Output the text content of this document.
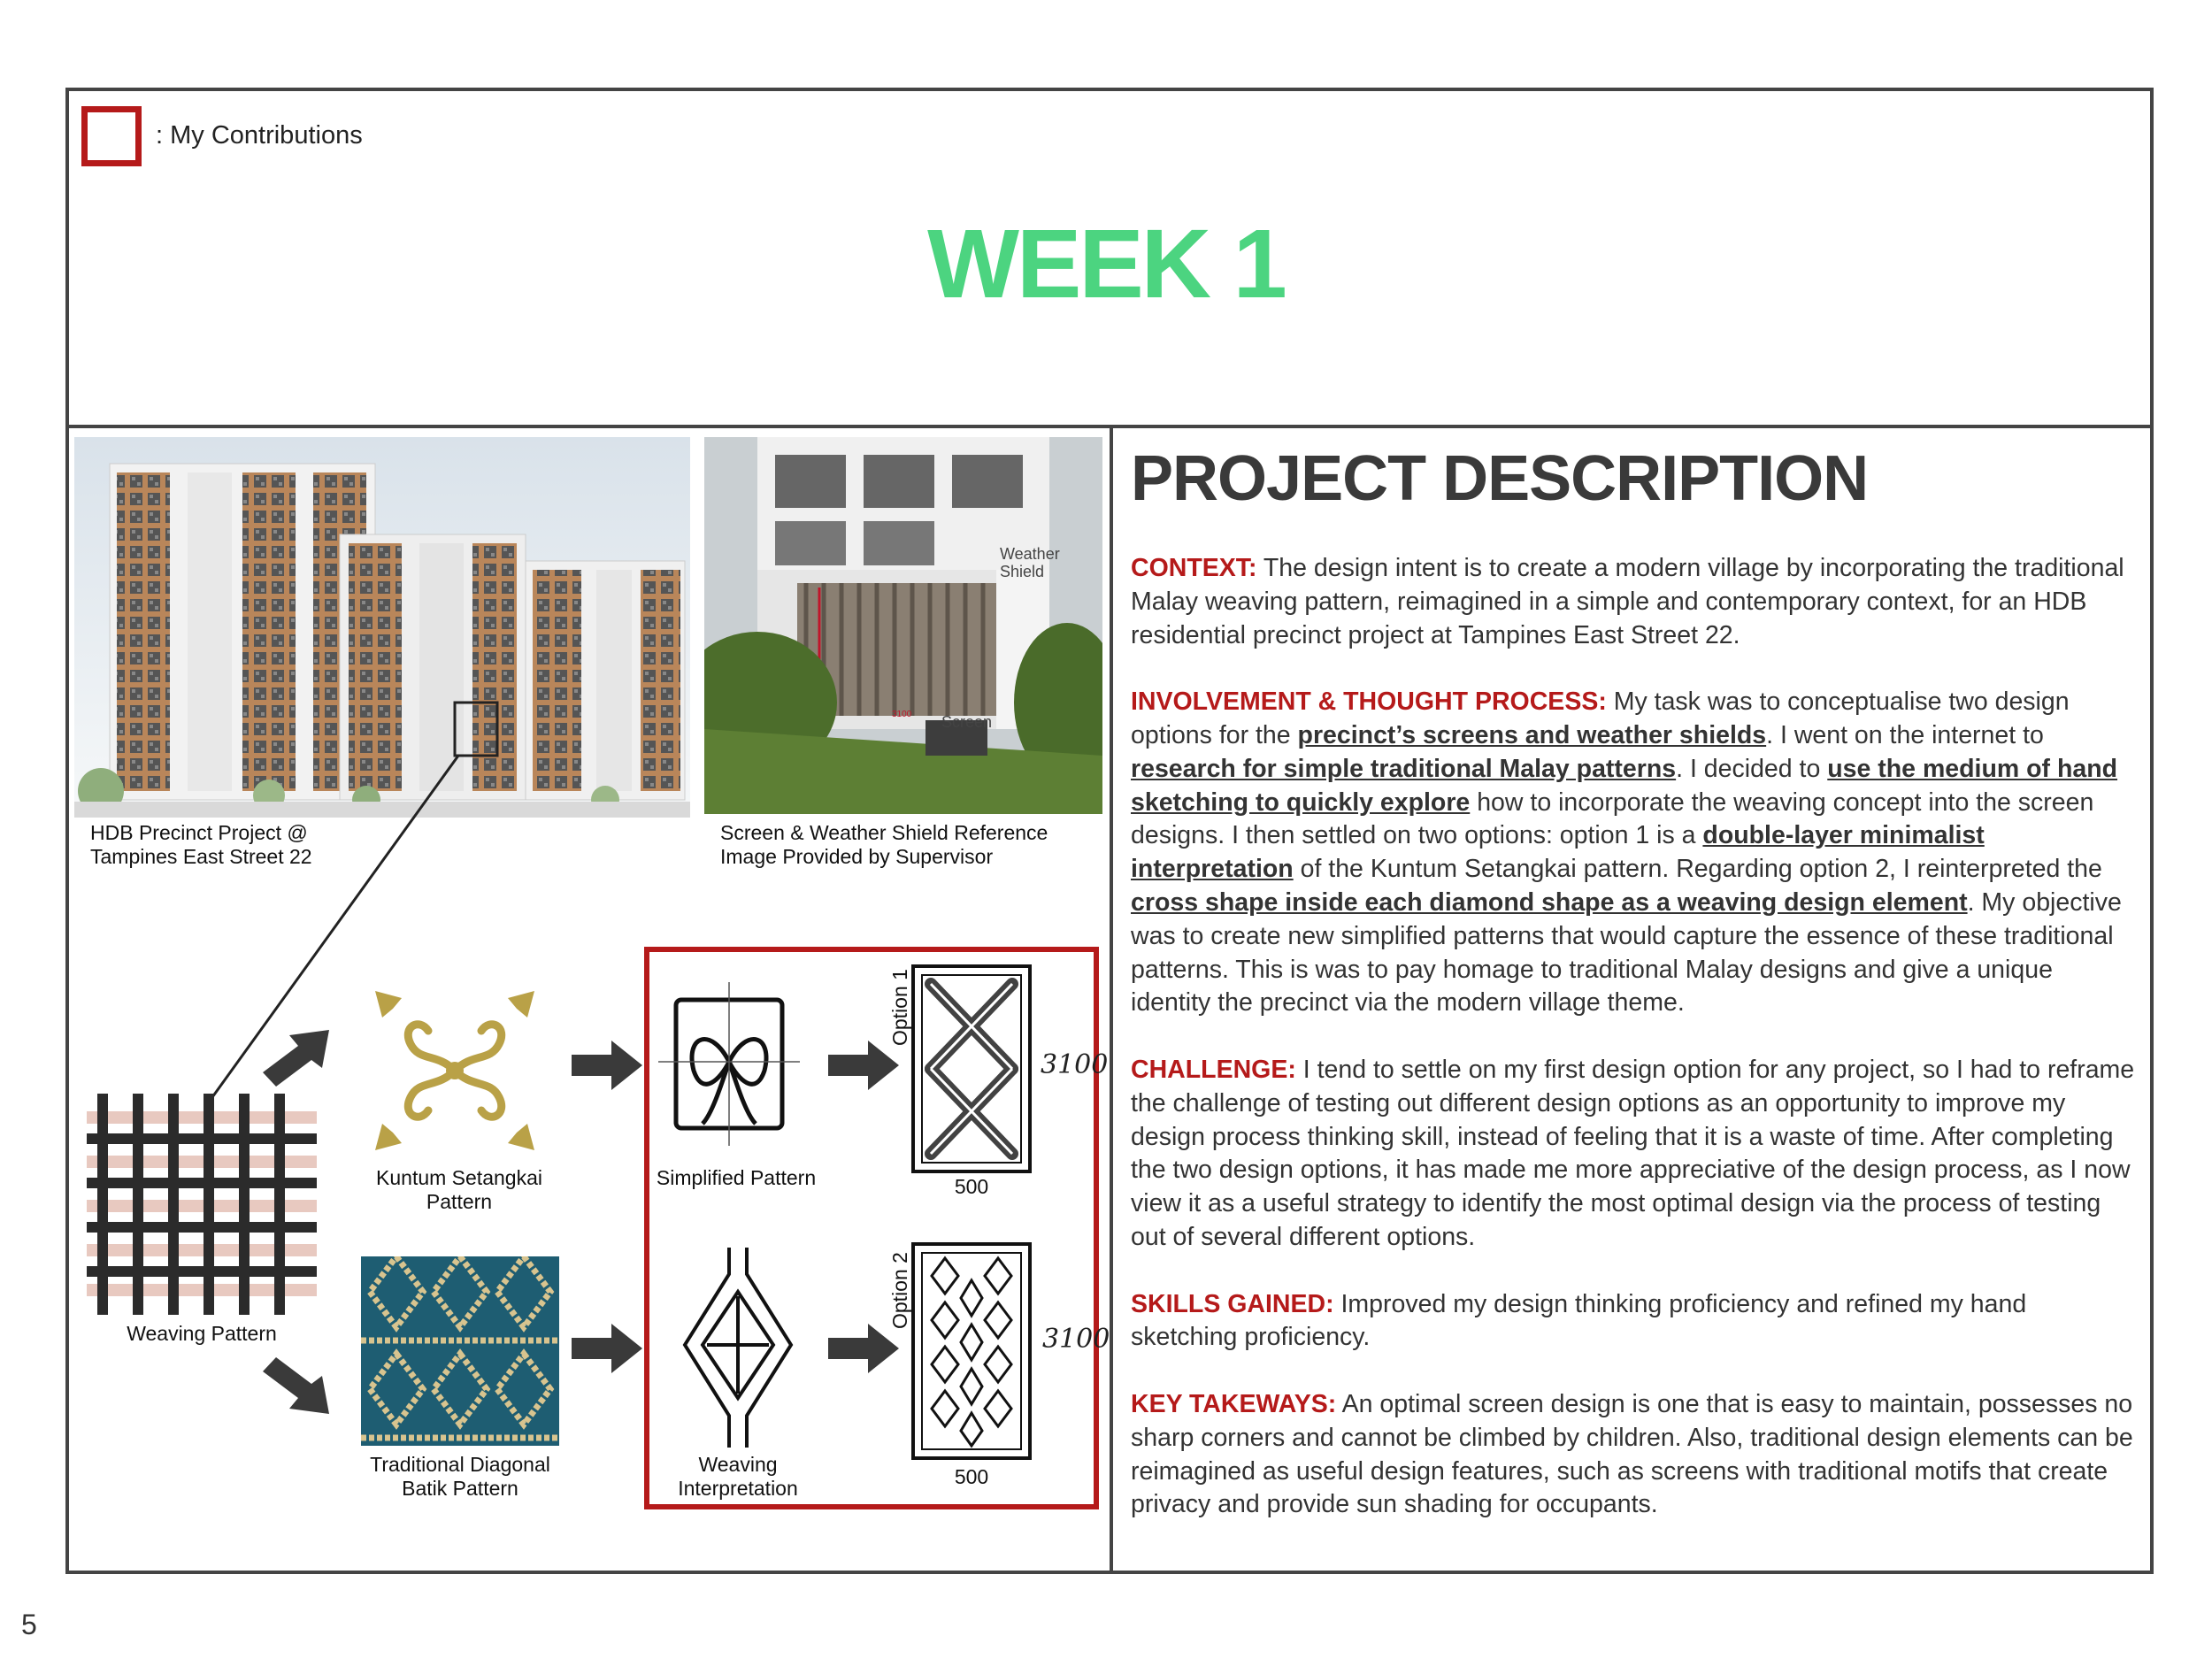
: My Contributions
WEEK 1
HDB Precinct Project @
Tampines East Street 22
Weather Shield
Screen
3100
Screen & Weather Shield Reference
Image Provided by Supervisor
Weaving Pattern
Kuntum Setangkai
Pattern
Traditional Diagonal
Batik Pattern
Simplified Pattern
Weaving
Interpretation
Option 1
3100
500
Option 2
3100
500
PROJECT DESCRIPTION

CONTEXT: The design intent is to create a modern village by incorporating the traditional Malay weaving pattern, reimagined in a simple and contemporary context, for an HDB residential precinct project at Tampines East Street 22.

INVOLVEMENT & THOUGHT PROCESS: My task was to conceptualise two design options for the precinct’s screens and weather shields. I went on the internet to research for simple traditional Malay patterns. I decided to use the medium of hand sketching to quickly explore how to incorporate the weaving concept into the screen designs. I then settled on two options: option 1 is a double-layer minimalist interpretation of the Kuntum Setangkai pattern. Regarding option 2, I reinterpreted the cross shape inside each diamond shape as a weaving design element. My objective was to create new simplified patterns that would capture the essence of these traditional patterns. This is was to pay homage to traditional Malay designs and give a unique identity the precinct via the modern village theme.

CHALLENGE: I tend to settle on my first design option for any project, so I had to reframe the challenge of testing out different design options as an opportunity to improve my design process thinking skill, instead of feeling that it is a waste of time. After completing the two design options, it has made me more appreciative of the design process, as I now view it as a useful strategy to identify the most optimal design via the process of testing out of several different options.

SKILLS GAINED: Improved my design thinking proficiency and refined my hand sketching proficiency.

KEY TAKEWAYS: An optimal screen design is one that is easy to maintain, possesses no sharp corners and cannot be climbed by children. Also, traditional design elements can be reimagined as useful design features, such as screens with traditional motifs that create privacy and provide sun shading for occupants.

5
